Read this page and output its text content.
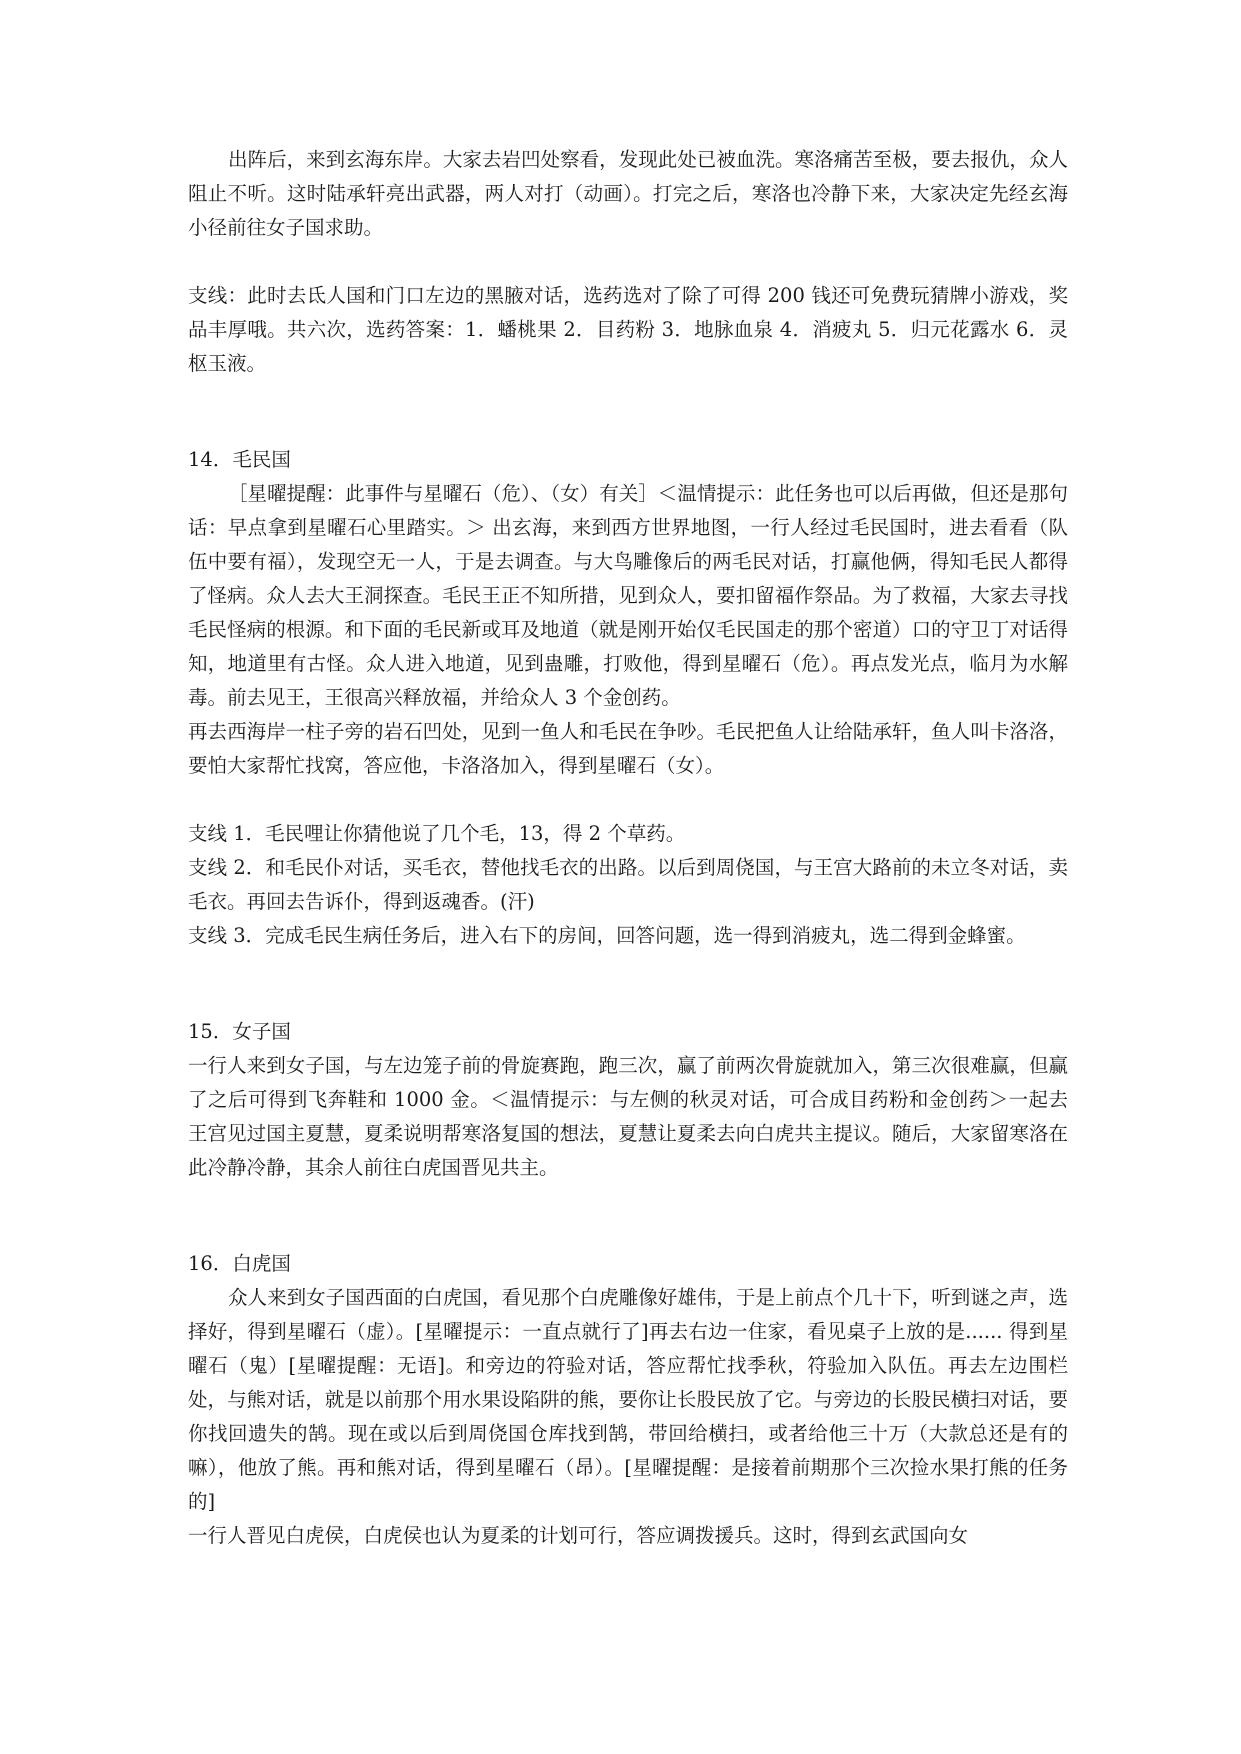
出阵后，来到玄海东岸。大家去岩凹处察看，发现此处已被血洗。寒洛痛苦至极，要去报仇，众人阻止不听。这时陆承轩亮出武器，两人对打（动画）。打完之后，寒洛也冷静下来，大家决定先经玄海小径前往女子国求助。

支线：此时去氐人国和门口左边的黑腋对话，选药选对了除了可得 200 钱还可免费玩猜牌小游戏，奖品丰厚哦。共六次，选药答案：1．蟠桃果 2．目药粉 3．地脉血泉 4．消疲丸 5．归元花露水 6．灵枢玉液。

14．毛民国

［星曜提醒：此事件与星曜石（危）、（女）有关］＜温情提示：此任务也可以后再做，但还是那句话：早点拿到星曜石心里踏实。＞ 出玄海，来到西方世界地图，一行人经过毛民国时，进去看看（队伍中要有福），发现空无一人，于是去调查。与大鸟雕像后的两毛民对话，打赢他俩，得知毛民人都得了怪病。众人去大王洞探查。毛民王正不知所措，见到众人，要扣留福作祭品。为了救福，大家去寻找毛民怪病的根源。和下面的毛民新或耳及地道（就是刚开始仅毛民国走的那个密道）口的守卫丁对话得知，地道里有古怪。众人进入地道，见到蛊雕，打败他，得到星曜石（危）。再点发光点，临月为水解毒。前去见王，王很高兴释放福，并给众人 3 个金创药。

再去西海岸一柱子旁的岩石凹处，见到一鱼人和毛民在争吵。毛民把鱼人让给陆承轩，鱼人叫卡洛洛，要怕大家帮忙找窝，答应他，卡洛洛加入，得到星曜石（女）。

支线 1．毛民哩让你猜他说了几个毛，13，得 2 个草药。

支线 2．和毛民仆对话，买毛衣，替他找毛衣的出路。以后到周侥国，与王宫大路前的未立冬对话，卖毛衣。再回去告诉仆，得到返魂香。(汗)

支线 3．完成毛民生病任务后，进入右下的房间，回答问题，选一得到消疲丸，选二得到金蜂蜜。

15．女子国

一行人来到女子国，与左边笼子前的骨旋赛跑，跑三次，赢了前两次骨旋就加入，第三次很难赢，但赢了之后可得到飞奔鞋和 1000 金。＜温情提示：与左侧的秋灵对话，可合成目药粉和金创药＞一起去王宫见过国主夏慧，夏柔说明帮寒洛复国的想法，夏慧让夏柔去向白虎共主提议。随后，大家留寒洛在此冷静冷静，其余人前往白虎国晋见共主。

16．白虎国

众人来到女子国西面的白虎国，看见那个白虎雕像好雄伟，于是上前点个几十下，听到谜之声，选择好，得到星曜石（虚）。[星曜提示：一直点就行了]再去右边一住家，看见桌子上放的是...... 得到星曜石（鬼）[星曜提醒：无语]。和旁边的符验对话，答应帮忙找季秋，符验加入队伍。再去左边围栏处，与熊对话，就是以前那个用水果设陷阱的熊，要你让长股民放了它。与旁边的长股民横扫对话，要你找回遗失的鹄。现在或以后到周侥国仓库找到鹄，带回给横扫，或者给他三十万（大款总还是有的嘛），他放了熊。再和熊对话，得到星曜石（昂）。[星曜提醒：是接着前期那个三次捡水果打熊的任务的]

一行人晋见白虎侯，白虎侯也认为夏柔的计划可行，答应调拨援兵。这时，得到玄武国向女
